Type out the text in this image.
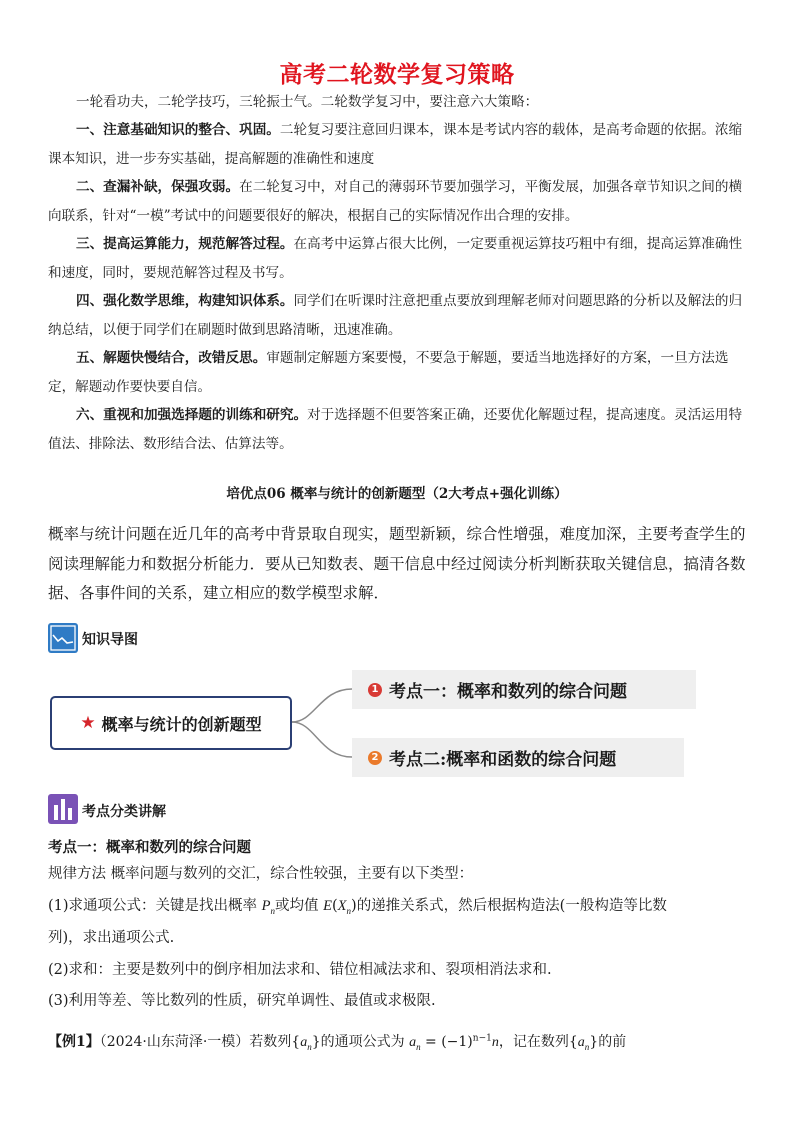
高考二轮数学复习策略
一轮看功夫，二轮学技巧，三轮振士气。二轮数学复习中，要注意六大策略：
一、注意基础知识的整合、巩固。二轮复习要注意回归课本，课本是考试内容的载体，是高考命题的依据。浓缩课本知识，进一步夯实基础，提高解题的准确性和速度
二、查漏补缺，保强攻弱。在二轮复习中，对自己的薄弱环节要加强学习，平衡发展，加强各章节知识之间的横向联系，针对“一模”考试中的问题要很好的解决，根据自己的实际情况作出合理的安排。
三、提高运算能力，规范解答过程。在高考中运算占很大比例，一定要重视运算技巧粗中有细，提高运算准确性和速度，同时，要规范解答过程及书写。
四、强化数学思维，构建知识体系。同学们在听课时注意把重点要放到理解老师对问题思路的分析以及解法的归纳总结，以便于同学们在刷题时做到思路清晰，迅速准确。
五、解题快慢结合，改错反思。审题制定解题方案要慢，不要急于解题，要适当地选择好的方案，一旦方法选定，解题动作要快要自信。
六、重视和加强选择题的训练和研究。对于选择题不但要答案正确，还要优化解题过程，提高速度。灵活运用特值法、排除法、数形结合法、估算法等。
培优点06 概率与统计的创新题型（2大考点+强化训练）
概率与统计问题在近几年的高考中背景取自现实，题型新颖，综合性增强，难度加深，主要考查学生的阅读理解能力和数据分析能力．要从已知数表、题干信息中经过阅读分析判断获取关键信息，搞清各数据、各事件间的关系，建立相应的数学模型求解．
知识导图
★ 概率与统计的创新题型
1 考点一：概率和数列的综合问题
2 考点二:概率和函数的综合问题
考点分类讲解
考点一：概率和数列的综合问题
规律方法 概率问题与数列的交汇，综合性较强，主要有以下类型：
(1)求通项公式：关键是找出概率 $P_n$或均值 $E(X_n)$的递推关系式，然后根据构造法(一般构造等比数
列)，求出通项公式.
(2)求和：主要是数列中的倒序相加法求和、错位相减法求和、裂项相消法求和.
(3)利用等差、等比数列的性质，研究单调性、最值或求极限.
【例1】（2024·山东菏泽·一模）若数列$\{a_n\}$的通项公式为 $a_n = (-1)^{n-1}n$，记在数列$\{a_n\}$的前
